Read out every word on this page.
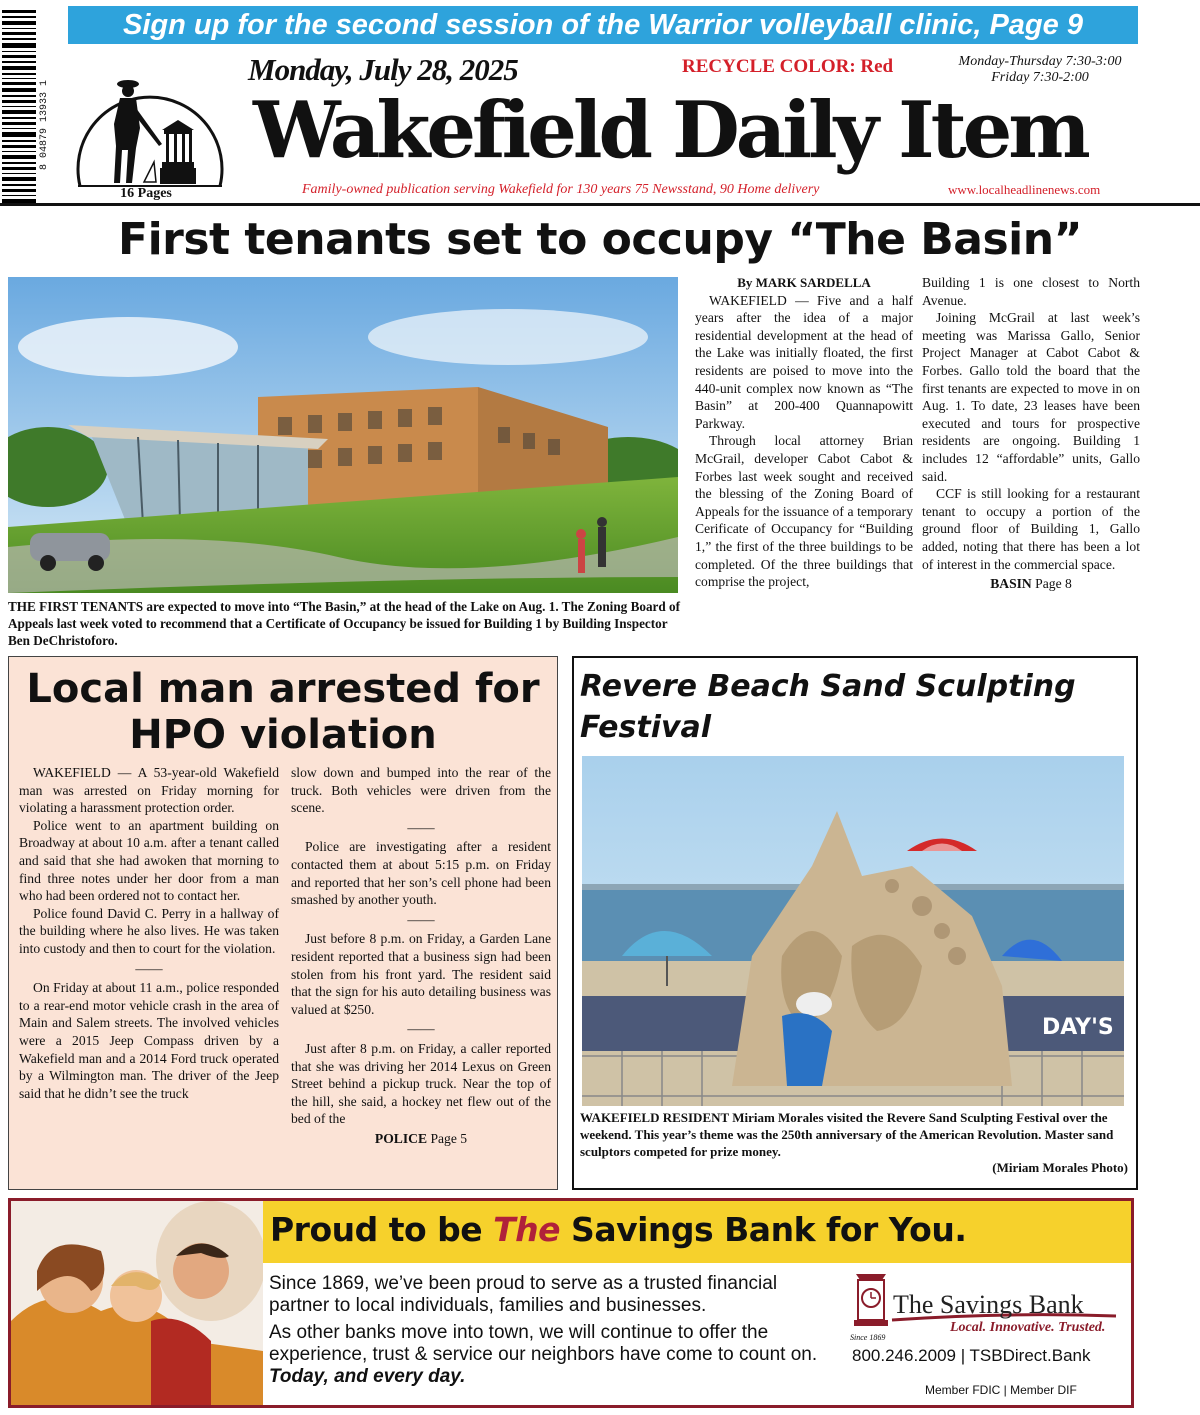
Sign up for the second session of the Warrior volleyball clinic, Page 9
8 04879 13933 1
16 Pages
Monday, July 28, 2025	RECYCLE COLOR: Red	Monday-Thursday 7:30-3:00
Friday 7:30-2:00
Wakefield Daily Item
Family-owned publication serving Wakefield for 130 years 75 Newsstand, 90 Home delivery	www.localheadlinenews.com
First tenants set to occupy “The Basin”
THE FIRST TENANTS are expected to move into “The Basin,” at the head of the Lake on Aug. 1. The Zoning Board of Appeals last week voted to recommend that a Certificate of Occupancy be issued for Building 1 by Building Inspector Ben DeChristoforo.

By MARK SARDELLA

WAKEFIELD — Five and a half years after the idea of a major residential development at the head of the Lake was initially floated, the first residents are poised to move into the 440-unit complex now known as “The Basin” at 200-400 Quannapowitt Parkway.

Through local attorney Brian McGrail, developer Cabot Cabot & Forbes last week sought and received the blessing of the Zoning Board of Appeals for the issuance of a temporary Cerificate of Occupancy for “Building 1,” the first of the three buildings to be completed. Of the three buildings that comprise the project,

Building 1 is one closest to North Avenue.

Joining McGrail at last week’s meeting was Marissa Gallo, Senior Project Manager at Cabot Cabot & Forbes. Gallo told the board that the first tenants are expected to move in on Aug. 1. To date, 23 leases have been executed and tours for prospective residents are ongoing. Building 1 includes 12 “affordable” units, Gallo said.

CCF is still looking for a restaurant tenant to occupy a portion of the ground floor of Building 1, Gallo added, noting that there has been a lot of interest in the commercial space.

BASIN Page 8

Local man arrested for
HPO violation

WAKEFIELD — A 53-year-old Wakefield man was arrested on Friday morning for violating a harassment protection order.

Police went to an apartment building on Broadway at about 10 a.m. after a tenant called and said that she had awoken that morning to find three notes under her door from a man who had been ordered not to contact her.

Police found David C. Perry in a hallway of the building where he also lives. He was taken into custody and then to court for the violation.

——

On Friday at about 11 a.m., police responded to a rear-end motor vehicle crash in the area of Main and Salem streets. The involved vehicles were a 2015 Jeep Compass driven by a Wakefield man and a 2014 Ford truck operated by a Wilmington man. The driver of the Jeep said that he didn’t see the truck

slow down and bumped into the rear of the truck. Both vehicles were driven from the scene.

——

Police are investigating after a resident contacted them at about 5:15 p.m. on Friday and reported that her son’s cell phone had been smashed by another youth.

——

Just before 8 p.m. on Friday, a Garden Lane resident reported that a business sign had been stolen from his front yard. The resident said that the sign for his auto detailing business was valued at $250.

——

Just after 8 p.m. on Friday, a caller reported that she was driving her 2014 Lexus on Green Street behind a pickup truck. Near the top of the hill, she said, a hockey net flew out of the bed of the

POLICE Page 5

Revere Beach Sand Sculpting
Festival
DAY'S
WAKEFIELD RESIDENT Miriam Morales visited the Revere Sand Sculpting Festival over the weekend. This year’s theme was the 250th anniversary of the American Revolution. Master sand sculptors competed for prize money.
(Miriam Morales Photo)
Proud to be The Savings Bank for You.
Since 1869, we’ve been proud to serve as a trusted financial partner to local individuals, families and businesses.
As other banks move into town, we will continue to offer the experience, trust & service our neighbors have come to count on. Today, and every day.
The Savings Bank
Local. Innovative. Trusted.
Since 1869
800.246.2009 | TSBDirect.Bank
Member FDIC | Member DIF
